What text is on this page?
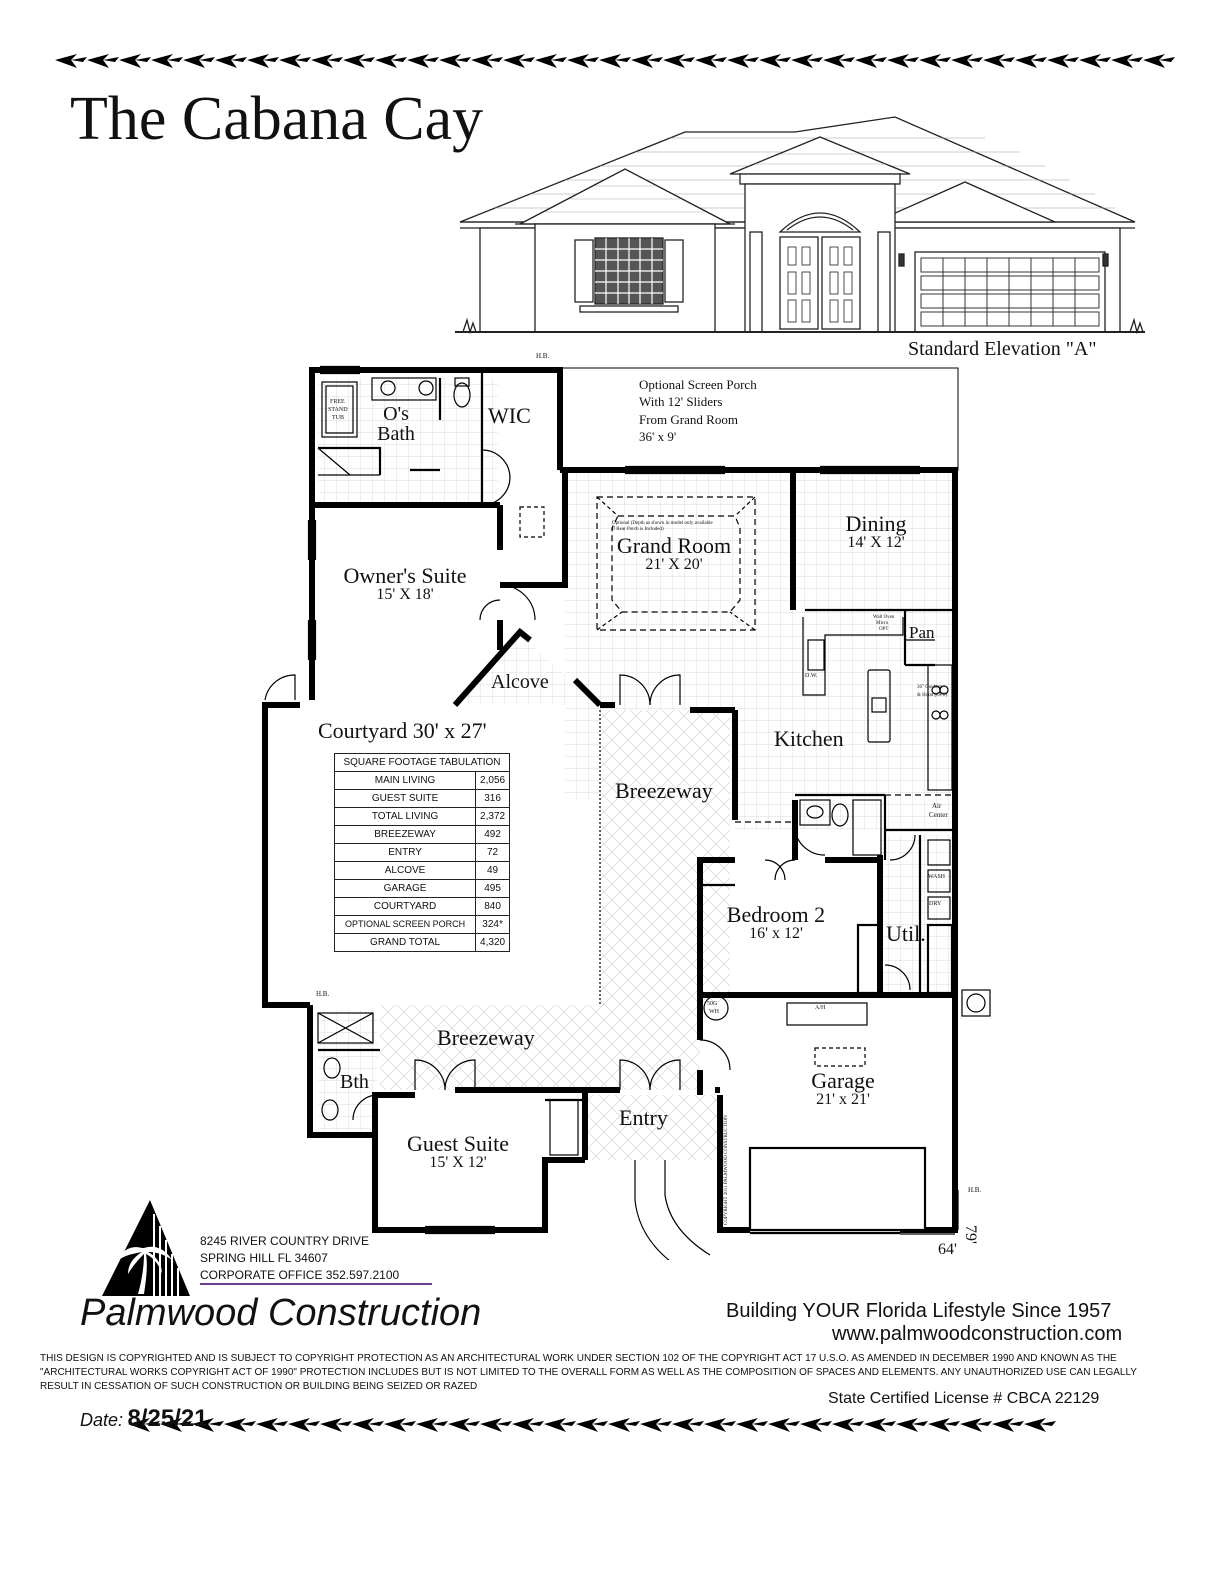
The Cabana Cay
Standard Elevation "A"
H.B.
H.B.
H.B.
Optional Screen Porch
With 12' Sliders
From Grand Room
36' x 9'
Optional (Depth as shown in model only available
if Rear Porch is Included)
FREE
STAND
TUB
Wall Oven
Micro
OPT
D.W.
36" Cooktop
& Hood (OPT)
Air
Center
WASH
DRY
50G
WH
A/H
COPYRIGHT 2011 PALMWOOD CONSTRUCTION
64'
79'
O's
Bath
WIC
Owner's Suite
15' X 18'
Grand Room
21' X 20'
Dining
14' X 12'
Pan
Alcove
Kitchen
Courtyard 30' x 27'
Breezeway
Bedroom 2
16' x 12'	Util.
Breezeway
Garage
21' x 21'
Bth
Guest Suite
15' X 12'
Entry
SQUARE FOOTAGE TABULATION	
MAIN LIVING	2,056
GUEST SUITE	316
TOTAL LIVING	2,372
BREEZEWAY	492
ENTRY	72
ALCOVE	49
GARAGE	495
COURTYARD	840
OPTIONAL SCREEN PORCH	324*
GRAND TOTAL	4,320
8245 RIVER COUNTRY DRIVE
SPRING HILL FL 34607
CORPORATE OFFICE 352.597.2100
Palmwood Construction	Building YOUR Florida Lifestyle Since 1957
www.palmwoodconstruction.com
THIS DESIGN IS COPYRIGHTED AND IS SUBJECT TO COPYRIGHT PROTECTION AS AN ARCHITECTURAL WORK UNDER SECTION 102 OF THE COPYRIGHT ACT 17 U.S.O. AS AMENDED IN DECEMBER 1990 AND KNOWN AS THE "ARCHITECTURAL WORKS COPYRIGHT ACT OF 1990" PROTECTION INCLUDES BUT IS NOT LIMITED TO THE OVERALL FORM AS WELL AS THE COMPOSITION OF SPACES AND ELEMENTS. ANY UNAUTHORIZED USE CAN LEGALLY RESULT IN CESSATION OF SUCH CONSTRUCTION OR BUILDING BEING SEIZED OR RAZED
State Certified License # CBCA 22129
Date: 8/25/21
